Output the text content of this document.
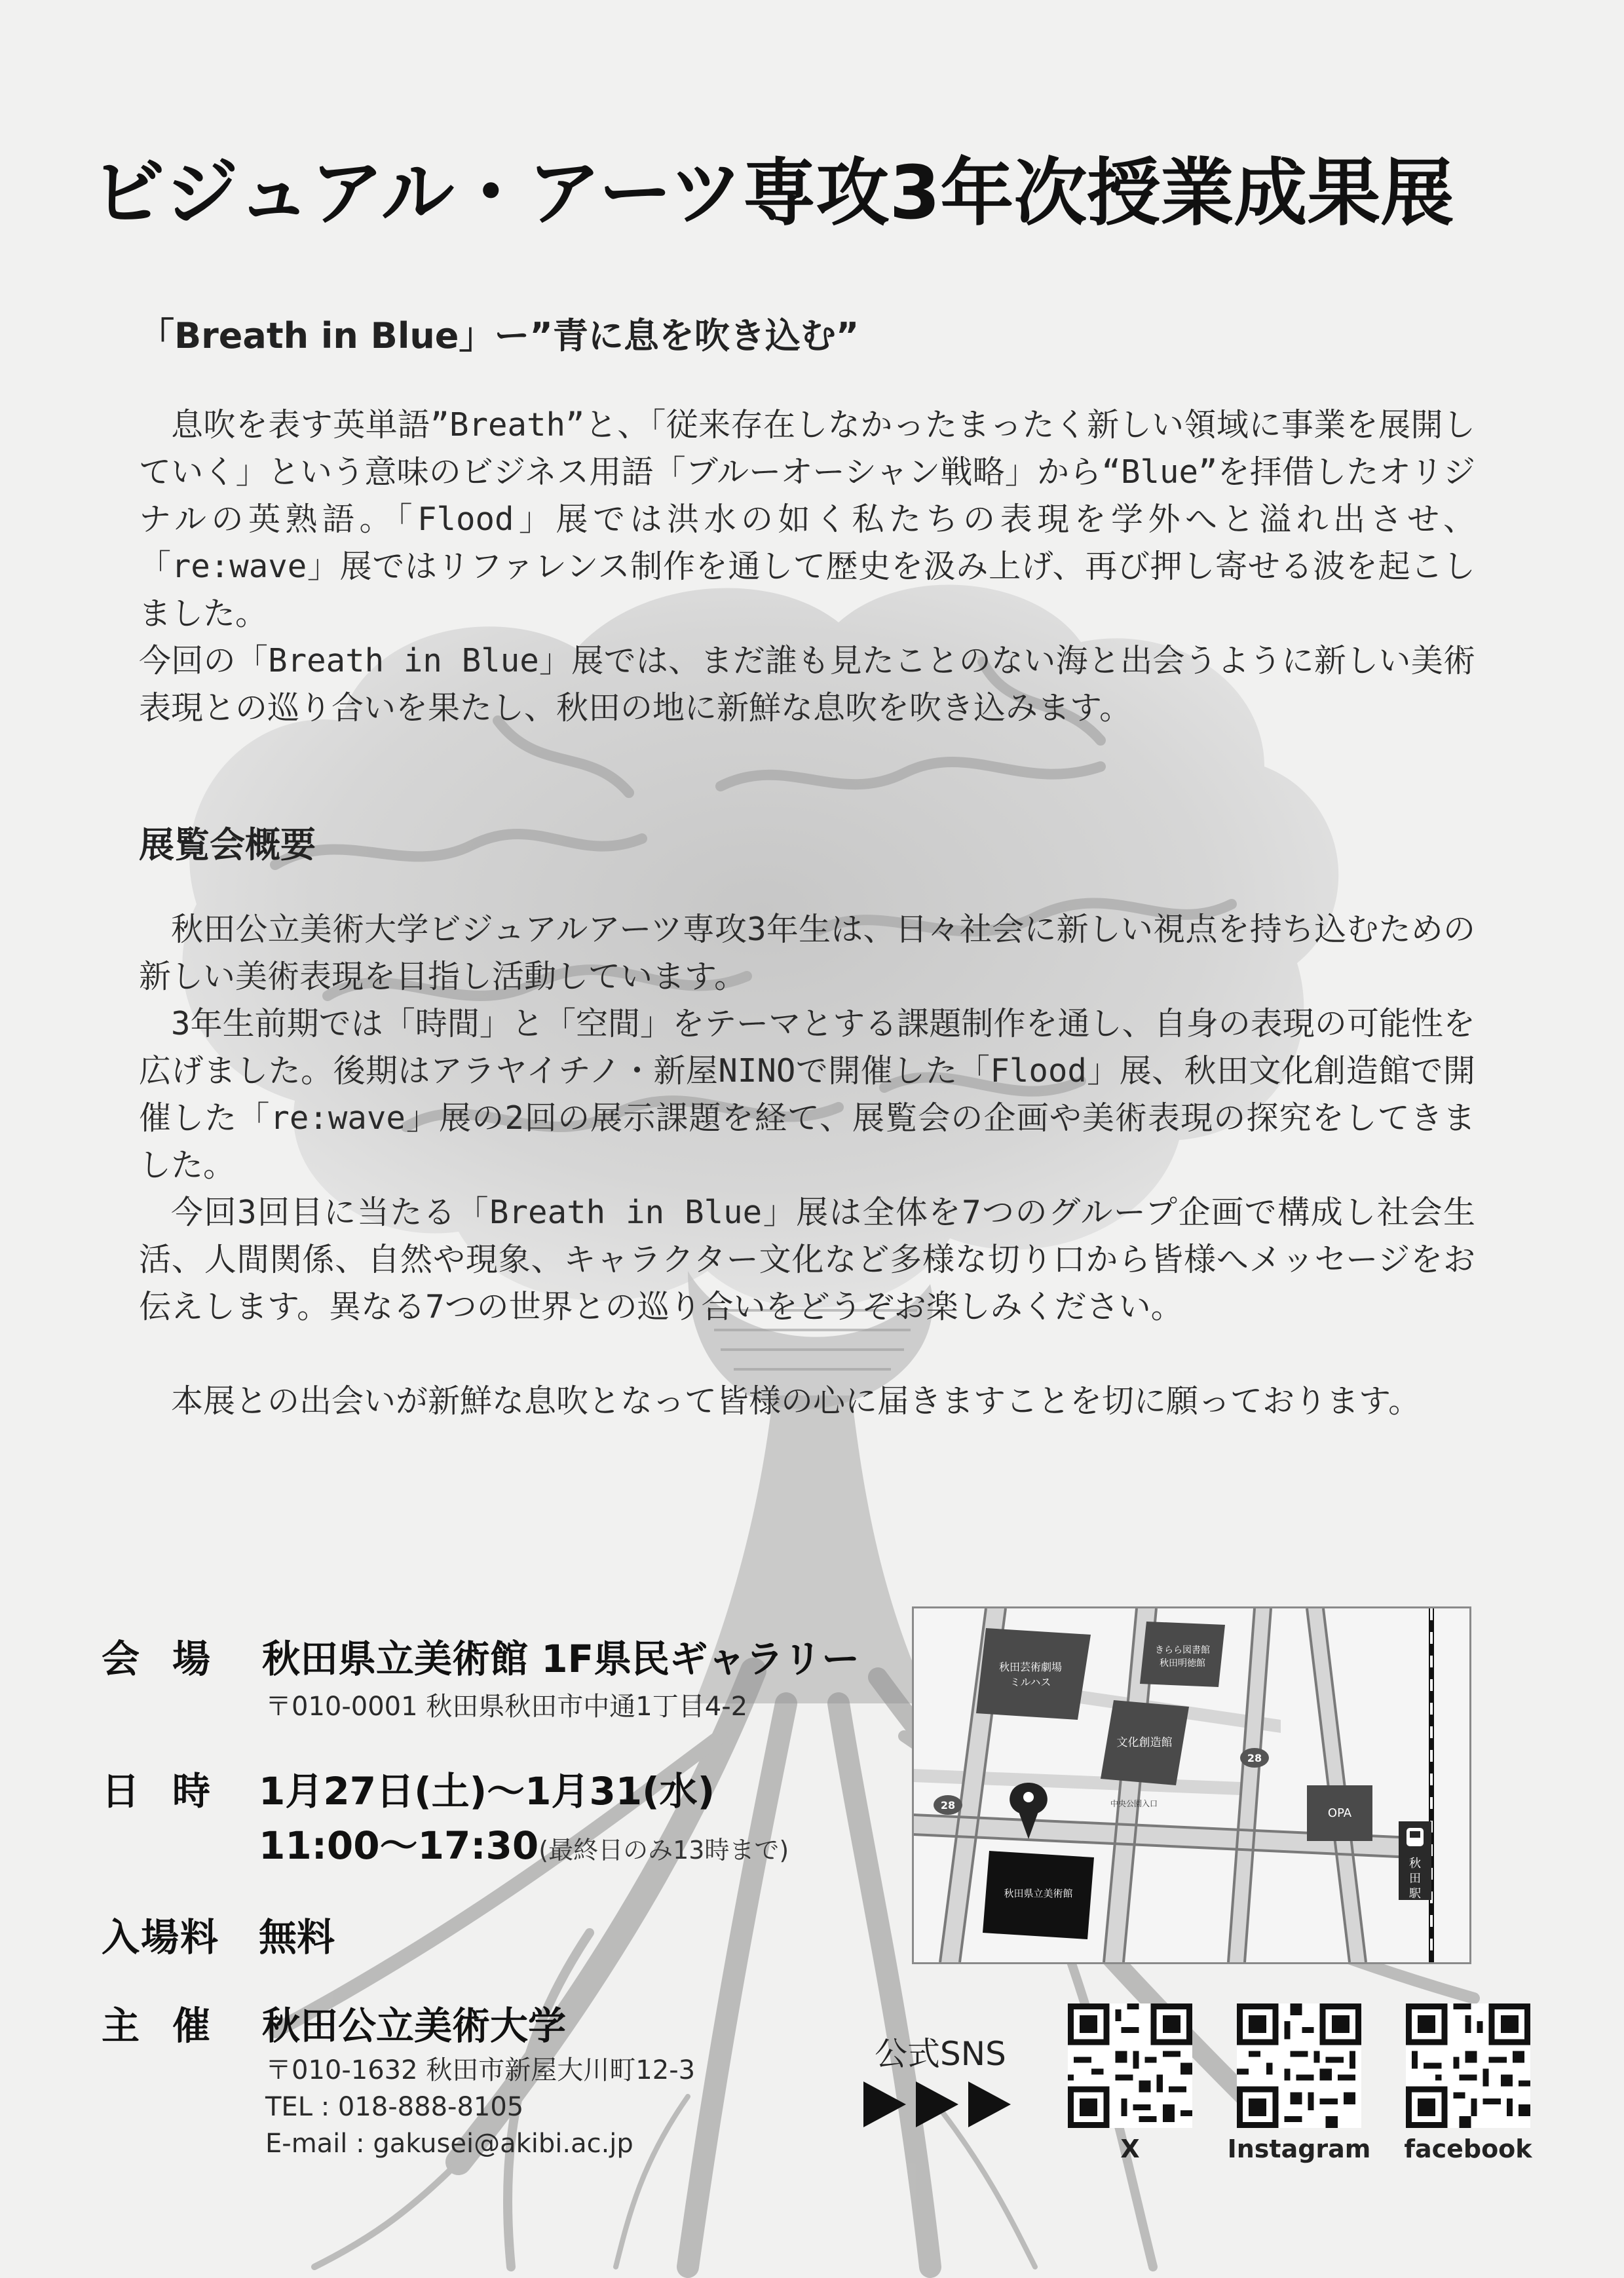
ビジュアル・アーツ専攻3年次授業成果展
「Breath in Blue」ー”青に息を吹き込む”

息吹を表す英単語”Breath”と、「従来存在しなかったまったく新しい領域に事業を展開していく」という意味のビジネス用語「ブルーオーシャン戦略」から“Blue”を拝借したオリジナルの英熟語。「Flood」展では洪水の如く私たちの表現を学外へと溢れ出させ、「re:wave」展ではリファレンス制作を通して歴史を汲み上げ、再び押し寄せる波を起こしました。

今回の「Breath in Blue」展では、まだ誰も見たことのない海と出会うように新しい美術表現との巡り合いを果たし、秋田の地に新鮮な息吹を吹き込みます。

展覧会概要

秋田公立美術大学ビジュアルアーツ専攻3年生は、日々社会に新しい視点を持ち込むための新しい美術表現を目指し活動しています。

3年生前期では「時間」と「空間」をテーマとする課題制作を通し、自身の表現の可能性を広げました。後期はアラヤイチノ・新屋NINOで開催した「Flood」展、秋田文化創造館で開催した「re:wave」展の2回の展示課題を経て、展覧会の企画や美術表現の探究をしてきました。

今回3回目に当たる「Breath in Blue」展は全体を7つのグループ企画で構成し社会生活、人間関係、自然や現象、キャラクター文化など多様な切り口から皆様へメッセージをお伝えします。異なる7つの世界との巡り合いをどうぞお楽しみください。

本展との出会いが新鮮な息吹となって皆様の心に届きますことを切に願っております。

会場 秋田県立美術館 1F県民ギャラリー
〒010-0001 秋田県秋田市中通1丁目4-2
日時 1月27日(土)〜1月31(水)
11:00〜17:30(最終日のみ13時まで)
入場料 無料
主催 秋田公立美術大学
〒010-1632 秋田市新屋大川町12-3
TEL : 018-888-8105
E-mail : gakusei@akibi.ac.jp
秋田芸術劇場
ミルハス
きらら図書館
秋田明徳館
文化創造館
秋田県立美術館
OPA
秋
田
駅
中央公園入口
28
28
公式SNS
X	Instagram	facebook
